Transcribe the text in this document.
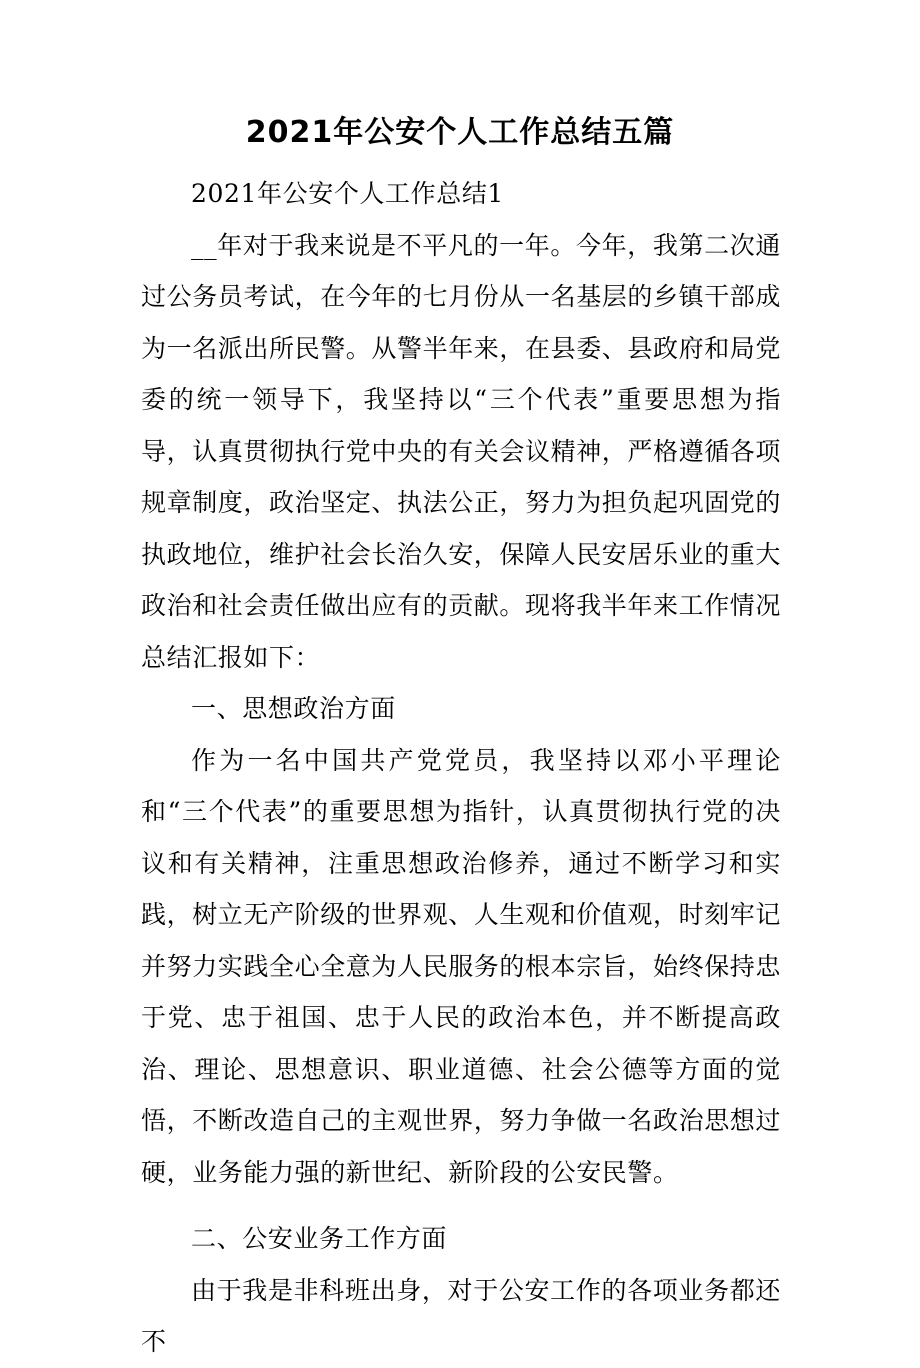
2021年公安个人工作总结五篇

2021年公安个人工作总结1

__年对于我来说是不平凡的一年。今年，我第二次通过公务员考试，在今年的七月份从一名基层的乡镇干部成为一名派出所民警。从警半年来，在县委、县政府和局党委的统一领导下，我坚持以“三个代表”重要思想为指导，认真贯彻执行党中央的有关会议精神，严格遵循各项规章制度，政治坚定、执法公正，努力为担负起巩固党的执政地位，维护社会长治久安，保障人民安居乐业的重大政治和社会责任做出应有的贡献。现将我半年来工作情况总结汇报如下：

一、思想政治方面

作为一名中国共产党党员，我坚持以邓小平理论和“三个代表”的重要思想为指针，认真贯彻执行党的决议和有关精神，注重思想政治修养，通过不断学习和实践，树立无产阶级的世界观、人生观和价值观，时刻牢记并努力实践全心全意为人民服务的根本宗旨，始终保持忠于党、忠于祖国、忠于人民的政治本色，并不断提高政治、理论、思想意识、职业道德、社会公德等方面的觉悟，不断改造自己的主观世界，努力争做一名政治思想过硬，业务能力强的新世纪、新阶段的公安民警。

二、公安业务工作方面

由于我是非科班出身，对于公安工作的各项业务都还不
